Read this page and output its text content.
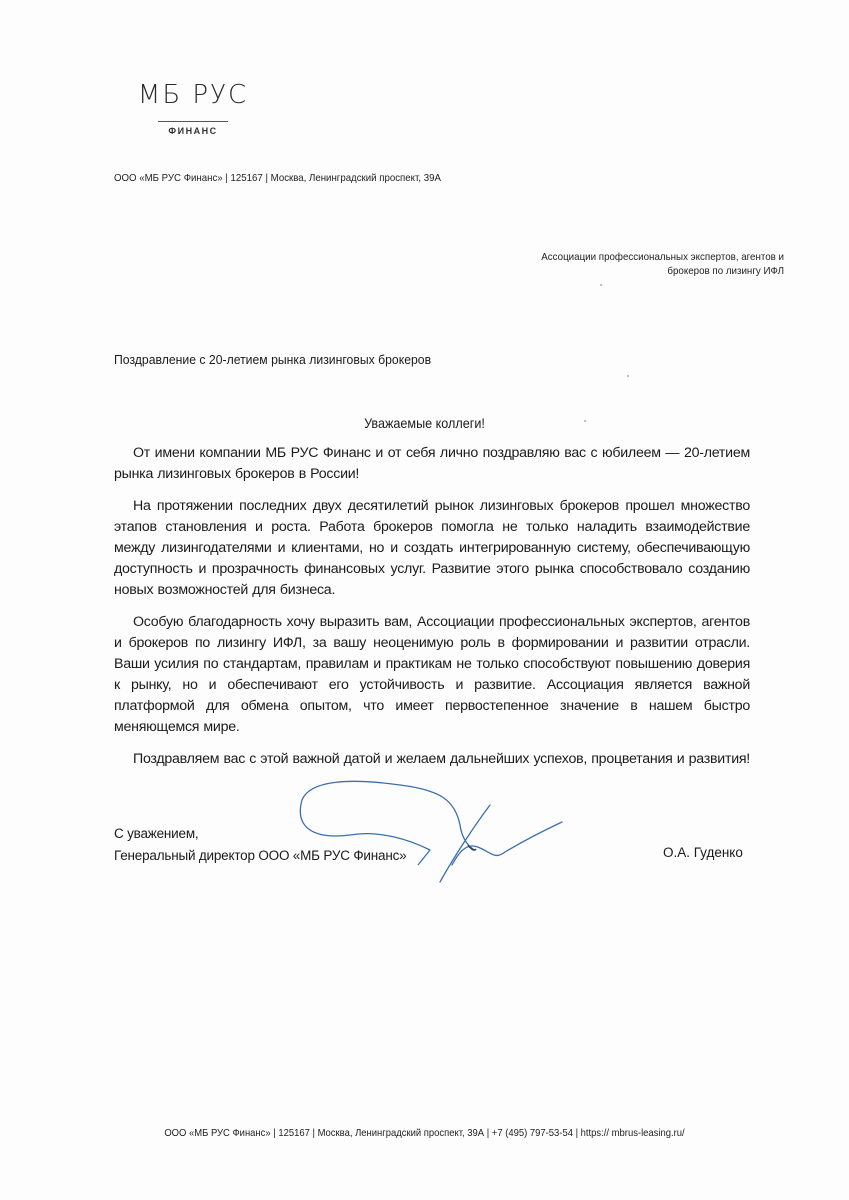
МБ РУС
ФИНАНС
ООО «МБ РУС Финанс» | 125167 | Москва, Ленинградский проспект, 39А
Ассоциации профессиональных экспертов, агентов и
брокеров по лизингу ИФЛ
Поздравление с 20-летием рынка лизинговых брокеров
Уважаемые коллеги!

От имени компании МБ РУС Финанс и от себя лично поздравляю вас с юбилеем — 20-летием рынка лизинговых брокеров в России!

На протяжении последних двух десятилетий рынок лизинговых брокеров прошел множество этапов становления и роста. Работа брокеров помогла не только наладить взаимодействие между лизингодателями и клиентами, но и создать интегрированную систему, обеспечивающую доступность и прозрачность финансовых услуг. Развитие этого рынка способствовало созданию новых возможностей для бизнеса.

Особую благодарность хочу выразить вам, Ассоциации профессиональных экспертов, агентов и брокеров по лизингу ИФЛ, за вашу неоценимую роль в формировании и развитии отрасли. Ваши усилия по стандартам, правилам и практикам не только способствуют повышению доверия к рынку, но и обеспечивают его устойчивость и развитие. Ассоциация является важной платформой для обмена опытом, что имеет первостепенное значение в нашем быстро меняющемся мире.

Поздравляем вас с этой важной датой и желаем дальнейших успехов, процветания и развития!

С уважением,
Генеральный директор ООО «МБ РУС Финанс»	О.А. Гуденко
ООО «МБ РУС Финанс» | 125167 | Москва, Ленинградский проспект, 39А | +7 (495) 797-53-54 | https:// mbrus-leasing.ru/
